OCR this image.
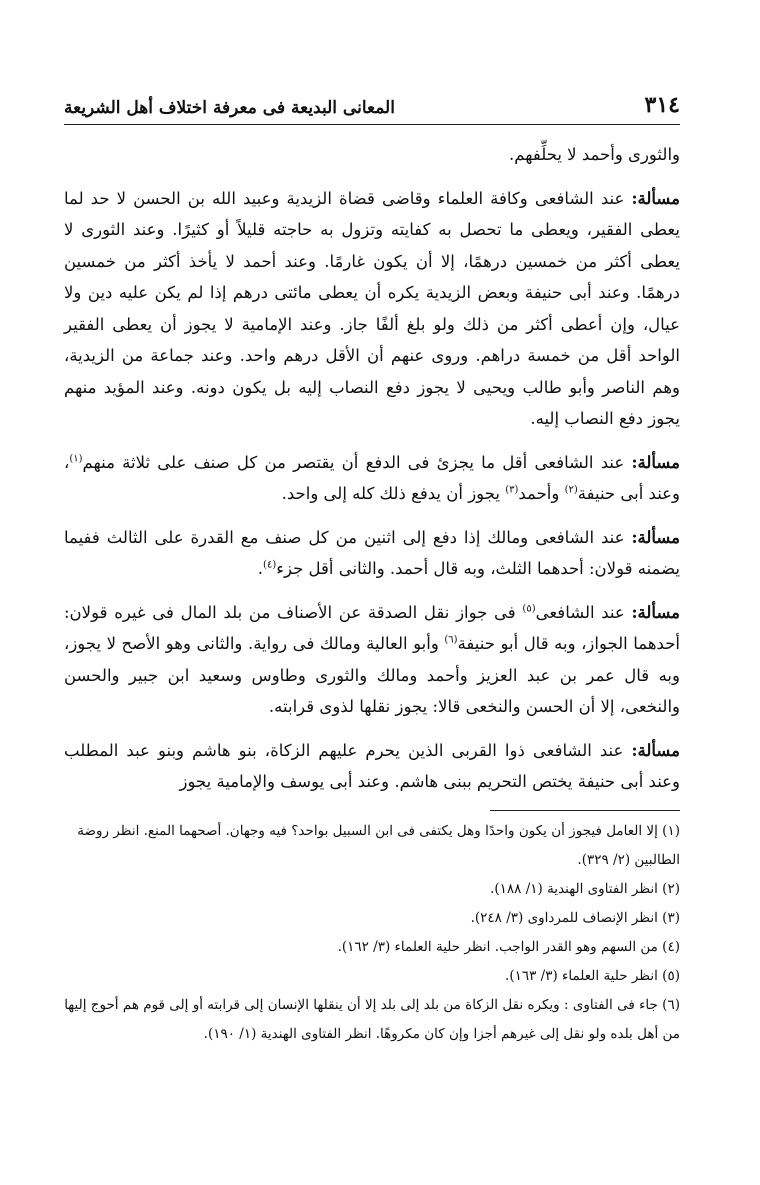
٣١٤
المعانى البديعة فى معرفة اختلاف أهل الشريعة

والثورى وأحمد لا يحلِّفهم.

مسألة: عند الشافعى وكافة العلماء وقاضى قضاة الزيدية وعبيد الله بن الحسن لا حد لما يعطى الفقير، ويعطى ما تحصل به كفايته وتزول به حاجته قليلاً أو كثيرًا. وعند الثورى لا يعطى أكثر من خمسين درهمًا، إلا أن يكون غارمًا. وعند أحمد لا يأخذ أكثر من خمسين درهمًا. وعند أبى حنيفة وبعض الزيدية يكره أن يعطى مائتى درهم إذا لم يكن عليه دين ولا عيال، وإن أعطى أكثر من ذلك ولو بلغ ألفًا جاز. وعند الإمامية لا يجوز أن يعطى الفقير الواحد أقل من خمسة دراهم. وروى عنهم أن الأقل درهم واحد. وعند جماعة من الزيدية، وهم الناصر وأبو طالب ويحيى لا يجوز دفع النصاب إليه بل يكون دونه. وعند المؤيد منهم يجوز دفع النصاب إليه.

مسألة: عند الشافعى أقل ما يجزئ فى الدفع أن يقتصر من كل صنف على ثلاثة منهم$^{(١)}$، وعند أبى حنيفة$^{(٢)}$ وأحمد$^{(٣)}$ يجوز أن يدفع ذلك كله إلى واحد.

مسألة: عند الشافعى ومالك إذا دفع إلى اثنين من كل صنف مع القدرة على الثالث ففيما يضمنه قولان: أحدهما الثلث، وبه قال أحمد. والثانى أقل جزء$^{(٤)}$.

مسألة: عند الشافعى$^{(٥)}$ فى جواز نقل الصدقة عن الأصناف من بلد المال فى غيره قولان: أحدهما الجواز، وبه قال أبو حنيفة$^{(٦)}$ وأبو العالية ومالك فى رواية. والثانى وهو الأصح لا يجوز، وبه قال عمر بن عبد العزيز وأحمد ومالك والثورى وطاوس وسعيد ابن جبير والحسن والنخعى، إلا أن الحسن والنخعى قالا: يجوز نقلها لذوى قرابته.

مسألة: عند الشافعى ذوا القربى الذين يحرم عليهم الزكاة، بنو هاشم وبنو عبد المطلب وعند أبى حنيفة يختص التحريم ببنى هاشم. وعند أبى يوسف والإمامية يجوز

(١) إلا العامل فيجوز أن يكون واحدًا وهل يكتفى فى ابن السبيل بواحد؟ فيه وجهان. أصحهما المنع. انظر روضة الطالبين (٢/ ٣٢٩).

(٢) انظر الفتاوى الهندية (١/ ١٨٨).

(٣) انظر الإنصاف للمرداوى (٣/ ٢٤٨).

(٤) من السهم وهو القدر الواجب. انظر حلية العلماء (٣/ ١٦٢).

(٥) انظر حلية العلماء (٣/ ١٦٣).

(٦) جاء فى الفتاوى : ويكره نقل الزكاة من بلد إلى بلد إلا أن ينقلها الإنسان إلى قرابته أو إلى قوم هم أحوج إليها من أهل بلده ولو نقل إلى غيرهم أجزا وإن كان مكروهًا. انظر الفتاوى الهندية (١/ ١٩٠).
